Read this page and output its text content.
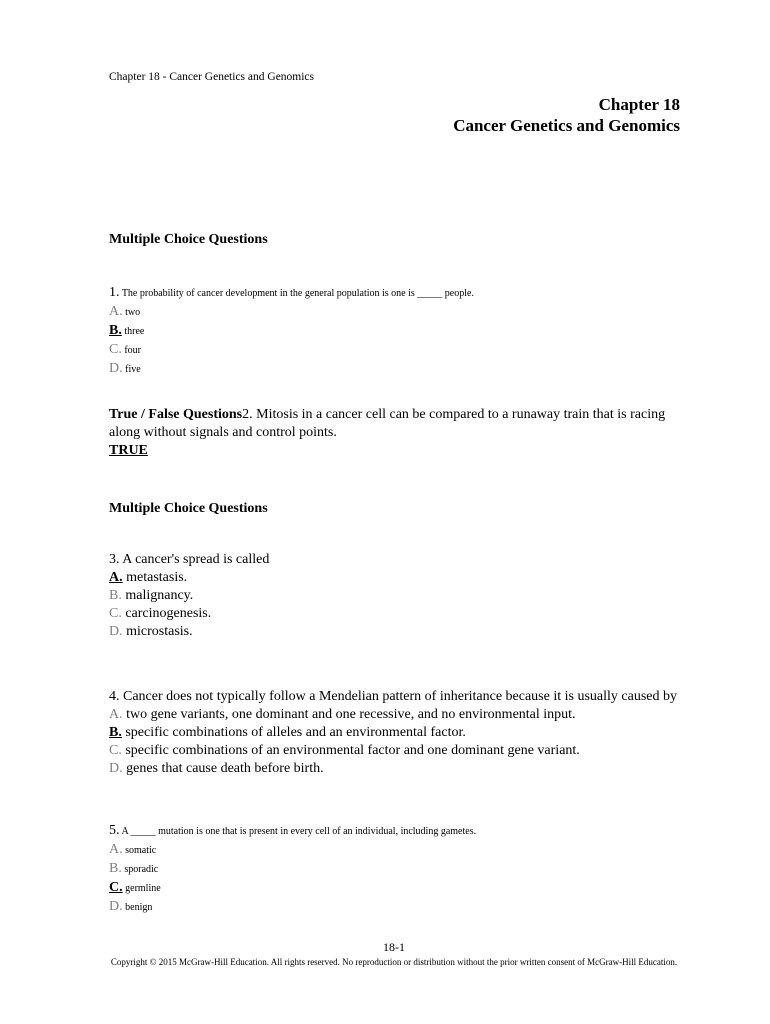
Chapter 18 - Cancer Genetics and Genomics
Chapter 18
Cancer Genetics and Genomics
Multiple Choice Questions
1. The probability of cancer development in the general population is one is _____ people.
A. two
B. three
C. four
D. five
True / False Questions2. Mitosis in a cancer cell can be compared to a runaway train that is racing along without signals and control points.
TRUE
Multiple Choice Questions
3. A cancer's spread is called
A. metastasis.
B. malignancy.
C. carcinogenesis.
D. microstasis.
4. Cancer does not typically follow a Mendelian pattern of inheritance because it is usually caused by
A. two gene variants, one dominant and one recessive, and no environmental input.
B. specific combinations of alleles and an environmental factor.
C. specific combinations of an environmental factor and one dominant gene variant.
D. genes that cause death before birth.
5. A _____ mutation is one that is present in every cell of an individual, including gametes.
A. somatic
B. sporadic
C. germline
D. benign
18-1
Copyright © 2015 McGraw-Hill Education. All rights reserved. No reproduction or distribution without the prior written consent of McGraw-Hill Education.
